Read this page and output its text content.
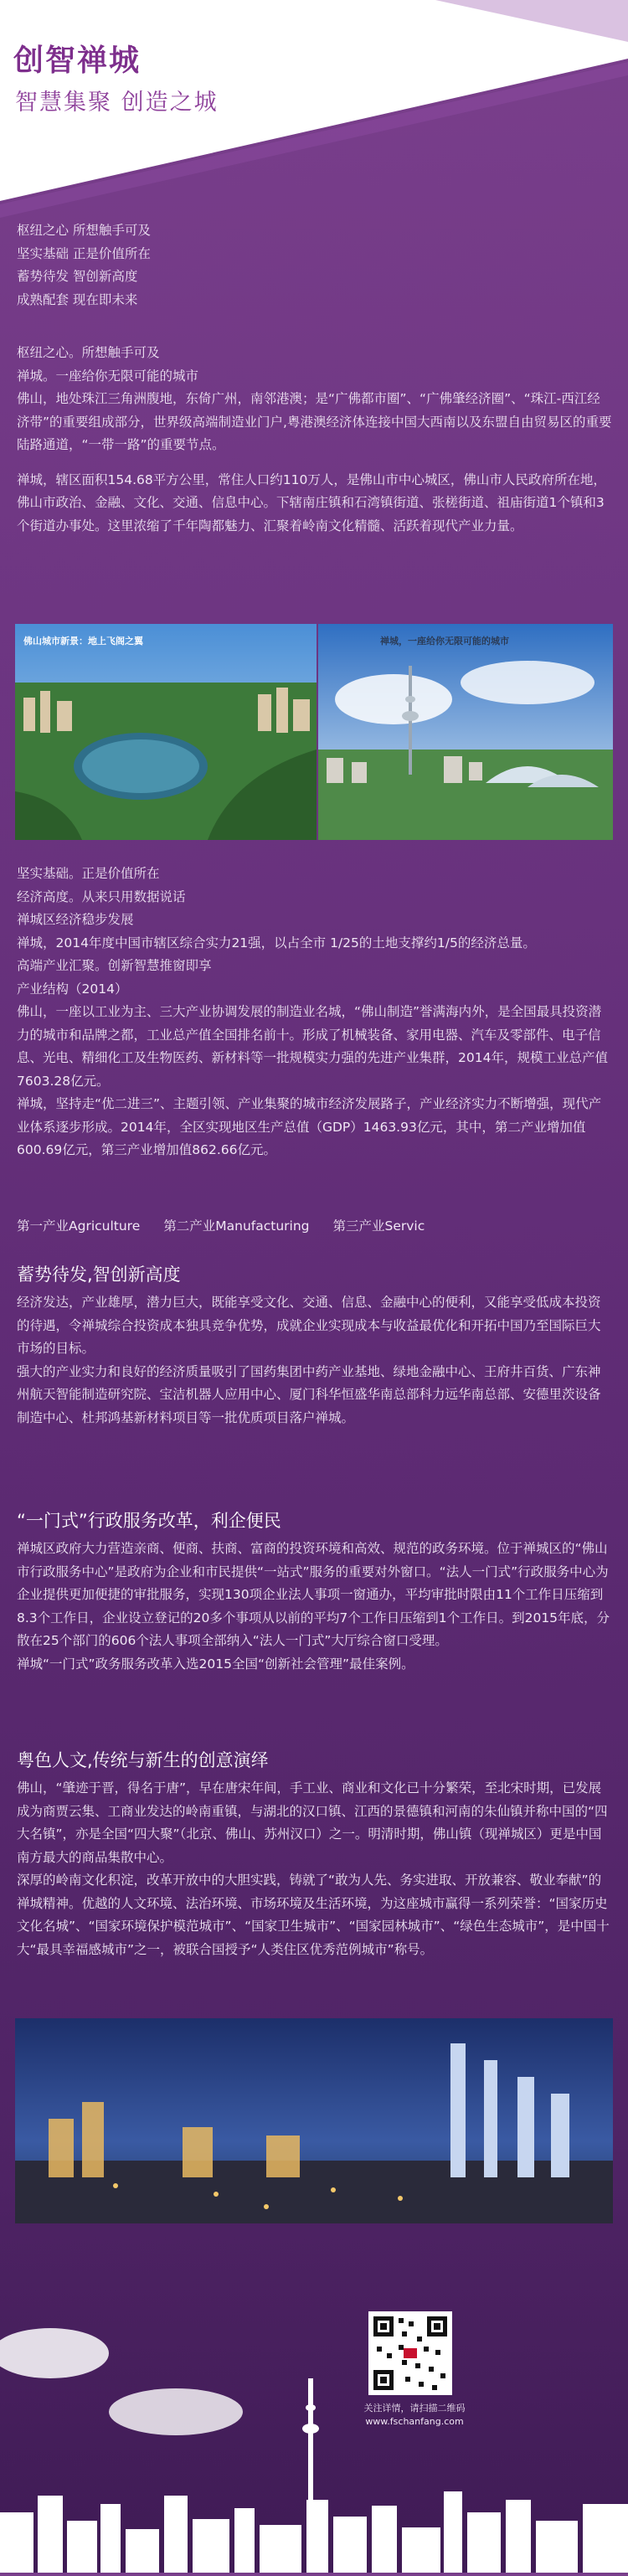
创智禅城
智慧集聚 创造之城

枢纽之心 所想触手可及

坚实基础 正是价值所在

蓄势待发 智创新高度

成熟配套 现在即未来

枢纽之心。所想触手可及

禅城。一座给你无限可能的城市

佛山，地处珠江三角洲腹地，东倚广州，南邻港澳；是“广佛都市圈”、“广佛肇经济圈”、“珠江-西江经济带”的重要组成部分，世界级高端制造业门户,粤港澳经济体连接中国大西南以及东盟自由贸易区的重要陆路通道，“一带一路”的重要节点。

禅城，辖区面积154.68平方公里，常住人口约110万人，是佛山市中心城区，佛山市人民政府所在地，佛山市政治、金融、文化、交通、信息中心。下辖南庄镇和石湾镇街道、张槎街道、祖庙街道1个镇和3个街道办事处。这里浓缩了千年陶都魅力、汇聚着岭南文化精髓、活跃着现代产业力量。

佛山城市新景：地上飞阁之翼	禅城，一座给你无限可能的城市

坚实基础。正是价值所在

经济高度。从来只用数据说话

禅城区经济稳步发展

禅城，2014年度中国市辖区综合实力21强，以占全市 1/25的土地支撑约1/5的经济总量。

高端产业汇聚。创新智慧推窗即享

产业结构（2014）

佛山，一座以工业为主、三大产业协调发展的制造业名城，“佛山制造”誉满海内外，是全国最具投资潜力的城市和品牌之都，工业总产值全国排名前十。形成了机械装备、家用电器、汽车及零部件、电子信息、光电、精细化工及生物医药、新材料等一批规模实力强的先进产业集群，2014年，规模工业总产值7603.28亿元。

禅城，坚持走“优二进三”、主题引领、产业集聚的城市经济发展路子，产业经济实力不断增强，现代产业体系逐步形成。2014年，全区实现地区生产总值（GDP）1463.93亿元，其中，第二产业增加值600.69亿元，第三产业增加值862.66亿元。

第一产业Agriculture 第二产业Manufacturing 第三产业Servic
蓄势待发,智创新高度

经济发达，产业雄厚，潜力巨大，既能享受文化、交通、信息、金融中心的便利，又能享受低成本投资的待遇，令禅城综合投资成本独具竞争优势，成就企业实现成本与收益最优化和开拓中国乃至国际巨大市场的目标。

强大的产业实力和良好的经济质量吸引了国药集团中药产业基地、绿地金融中心、王府井百货、广东神州航天智能制造研究院、宝洁机器人应用中心、厦门科华恒盛华南总部科力远华南总部、安德里茨设备制造中心、杜邦鸿基新材料项目等一批优质项目落户禅城。

“一门式”行政服务改革，利企便民

禅城区政府大力营造亲商、便商、扶商、富商的投资环境和高效、规范的政务环境。位于禅城区的“佛山市行政服务中心”是政府为企业和市民提供“一站式”服务的重要对外窗口。“法人一门式”行政服务中心为企业提供更加便捷的审批服务，实现130项企业法人事项一窗通办，平均审批时限由11个工作日压缩到8.3个工作日，企业设立登记的20多个事项从以前的平均7个工作日压缩到1个工作日。到2015年底，分散在25个部门的606个法人事项全部纳入“法人一门式”大厅综合窗口受理。

禅城“一门式”政务服务改革入选2015全国“创新社会管理”最佳案例。

粤色人文,传统与新生的创意演绎

佛山，“肇迹于晋，得名于唐”，早在唐宋年间，手工业、商业和文化已十分繁荣，至北宋时期，已发展成为商贾云集、工商业发达的岭南重镇，与湖北的汉口镇、江西的景德镇和河南的朱仙镇并称中国的“四大名镇”，亦是全国“四大聚”（北京、佛山、苏州汉口）之一。明清时期，佛山镇（现禅城区）更是中国南方最大的商品集散中心。

深厚的岭南文化积淀，改革开放中的大胆实践，铸就了“敢为人先、务实进取、开放兼容、敬业奉献”的禅城精神。优越的人文环境、法治环境、市场环境及生活环境，为这座城市赢得一系列荣誉：“国家历史文化名城”、“国家环境保护模范城市”、“国家卫生城市”、“国家园林城市”、“绿色生态城市”，是中国十大“最具幸福感城市”之一，被联合国授予“人类住区优秀范例城市”称号。

关注详情，请扫描二维码
www.fschanfang.com
